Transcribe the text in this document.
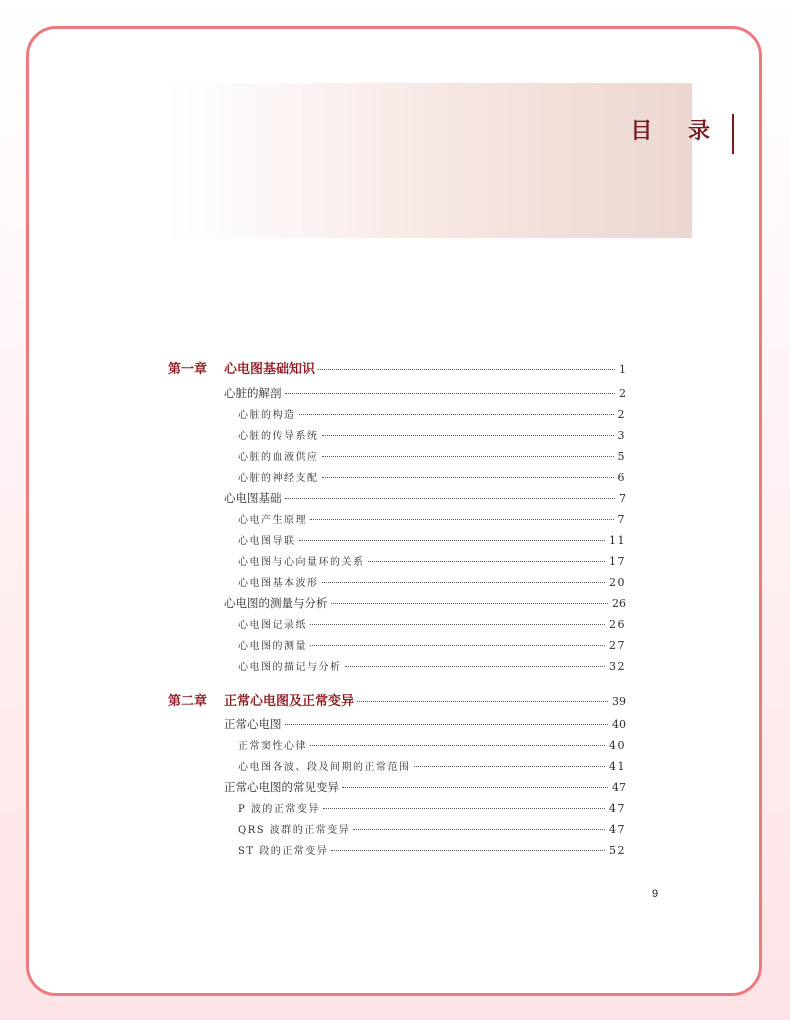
目 录
第一章	心电图基础知识	1
心脏的解剖	2
心脏的构造	2
心脏的传导系统	3
心脏的血液供应	5
心脏的神经支配	6
心电图基础	7
心电产生原理	7
心电图导联	11
心电图与心向量环的关系	17
心电图基本波形	20
心电图的测量与分析	26
心电图记录纸	26
心电图的测量	27
心电图的描记与分析	32
第二章	正常心电图及正常变异	39
正常心电图	40
正常窦性心律	40
心电图各波、段及间期的正常范围	41
正常心电图的常见变异	47
P 波的正常变异	47
QRS 波群的正常变异	47
ST 段的正常变异	52
9
